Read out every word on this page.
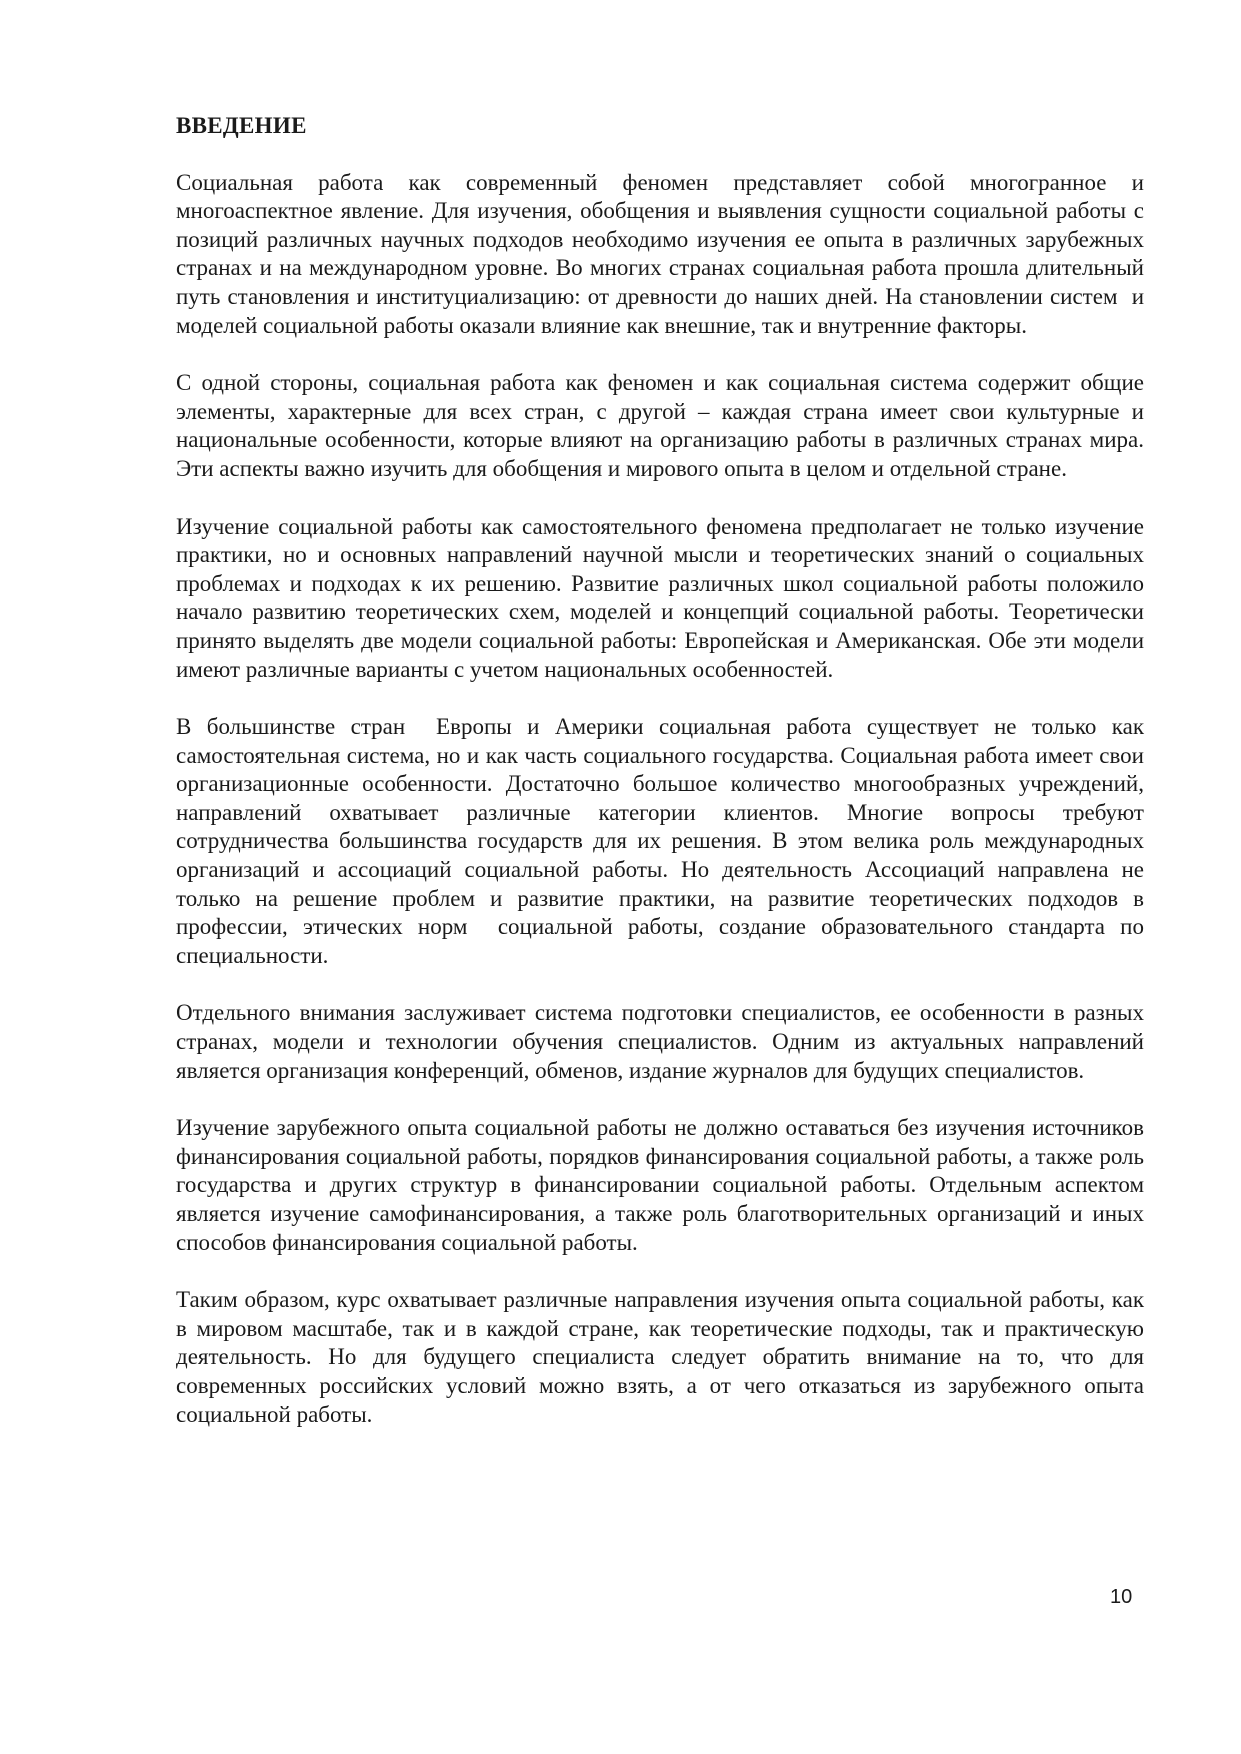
ВВЕДЕНИЕ

Социальная работа как современный феномен представляет собой многогранное и многоаспектное явление. Для изучения, обобщения и выявления сущности социальной работы с позиций различных научных подходов необходимо изучения ее опыта в различных зарубежных странах и на международном уровне. Во многих странах социальная работа прошла длительный путь становления и институциализацию: от древности до наших дней. На становлении систем  и моделей социальной работы оказали влияние как внешние, так и внутренние факторы.

С одной стороны, социальная работа как феномен и как социальная система содержит общие элементы, характерные для всех стран, с другой – каждая страна имеет свои культурные и национальные особенности, которые влияют на организацию работы в различных странах мира. Эти аспекты важно изучить для обобщения и мирового опыта в целом и отдельной стране.

Изучение социальной работы как самостоятельного феномена предполагает не только изучение практики, но и основных направлений научной мысли и теоретических знаний о социальных проблемах и подходах к их решению. Развитие различных школ социальной работы положило начало развитию теоретических схем, моделей и концепций социальной работы. Теоретически принято выделять две модели социальной работы: Европейская и Американская. Обе эти модели  имеют различные варианты с учетом национальных особенностей.

В большинстве стран  Европы и Америки социальная работа существует не только как самостоятельная система, но и как часть социального государства. Социальная работа имеет свои организационные особенности. Достаточно большое количество многообразных учреждений, направлений охватывает различные категории клиентов. Многие вопросы требуют сотрудничества большинства государств для их решения. В этом велика роль международных организаций и ассоциаций социальной работы. Но деятельность Ассоциаций направлена не только на решение проблем и развитие практики, на развитие теоретических подходов в профессии, этических норм  социальной работы, создание образовательного стандарта по специальности.

Отдельного внимания заслуживает система подготовки специалистов, ее особенности в разных странах, модели и технологии обучения специалистов. Одним из актуальных направлений является организация конференций, обменов, издание журналов для будущих специалистов.

Изучение зарубежного опыта социальной работы не должно оставаться без изучения источников финансирования социальной работы, порядков финансирования социальной работы, а также роль государства и других структур в финансировании социальной работы. Отдельным аспектом является изучение самофинансирования, а также роль благотворительных организаций и иных способов финансирования социальной работы.

Таким образом, курс охватывает различные направления изучения опыта социальной работы, как в мировом масштабе, так и в каждой стране, как теоретические подходы, так и практическую деятельность. Но для будущего специалиста следует обратить внимание на то, что для современных российских условий можно взять, а от чего отказаться из зарубежного опыта социальной работы.

10
